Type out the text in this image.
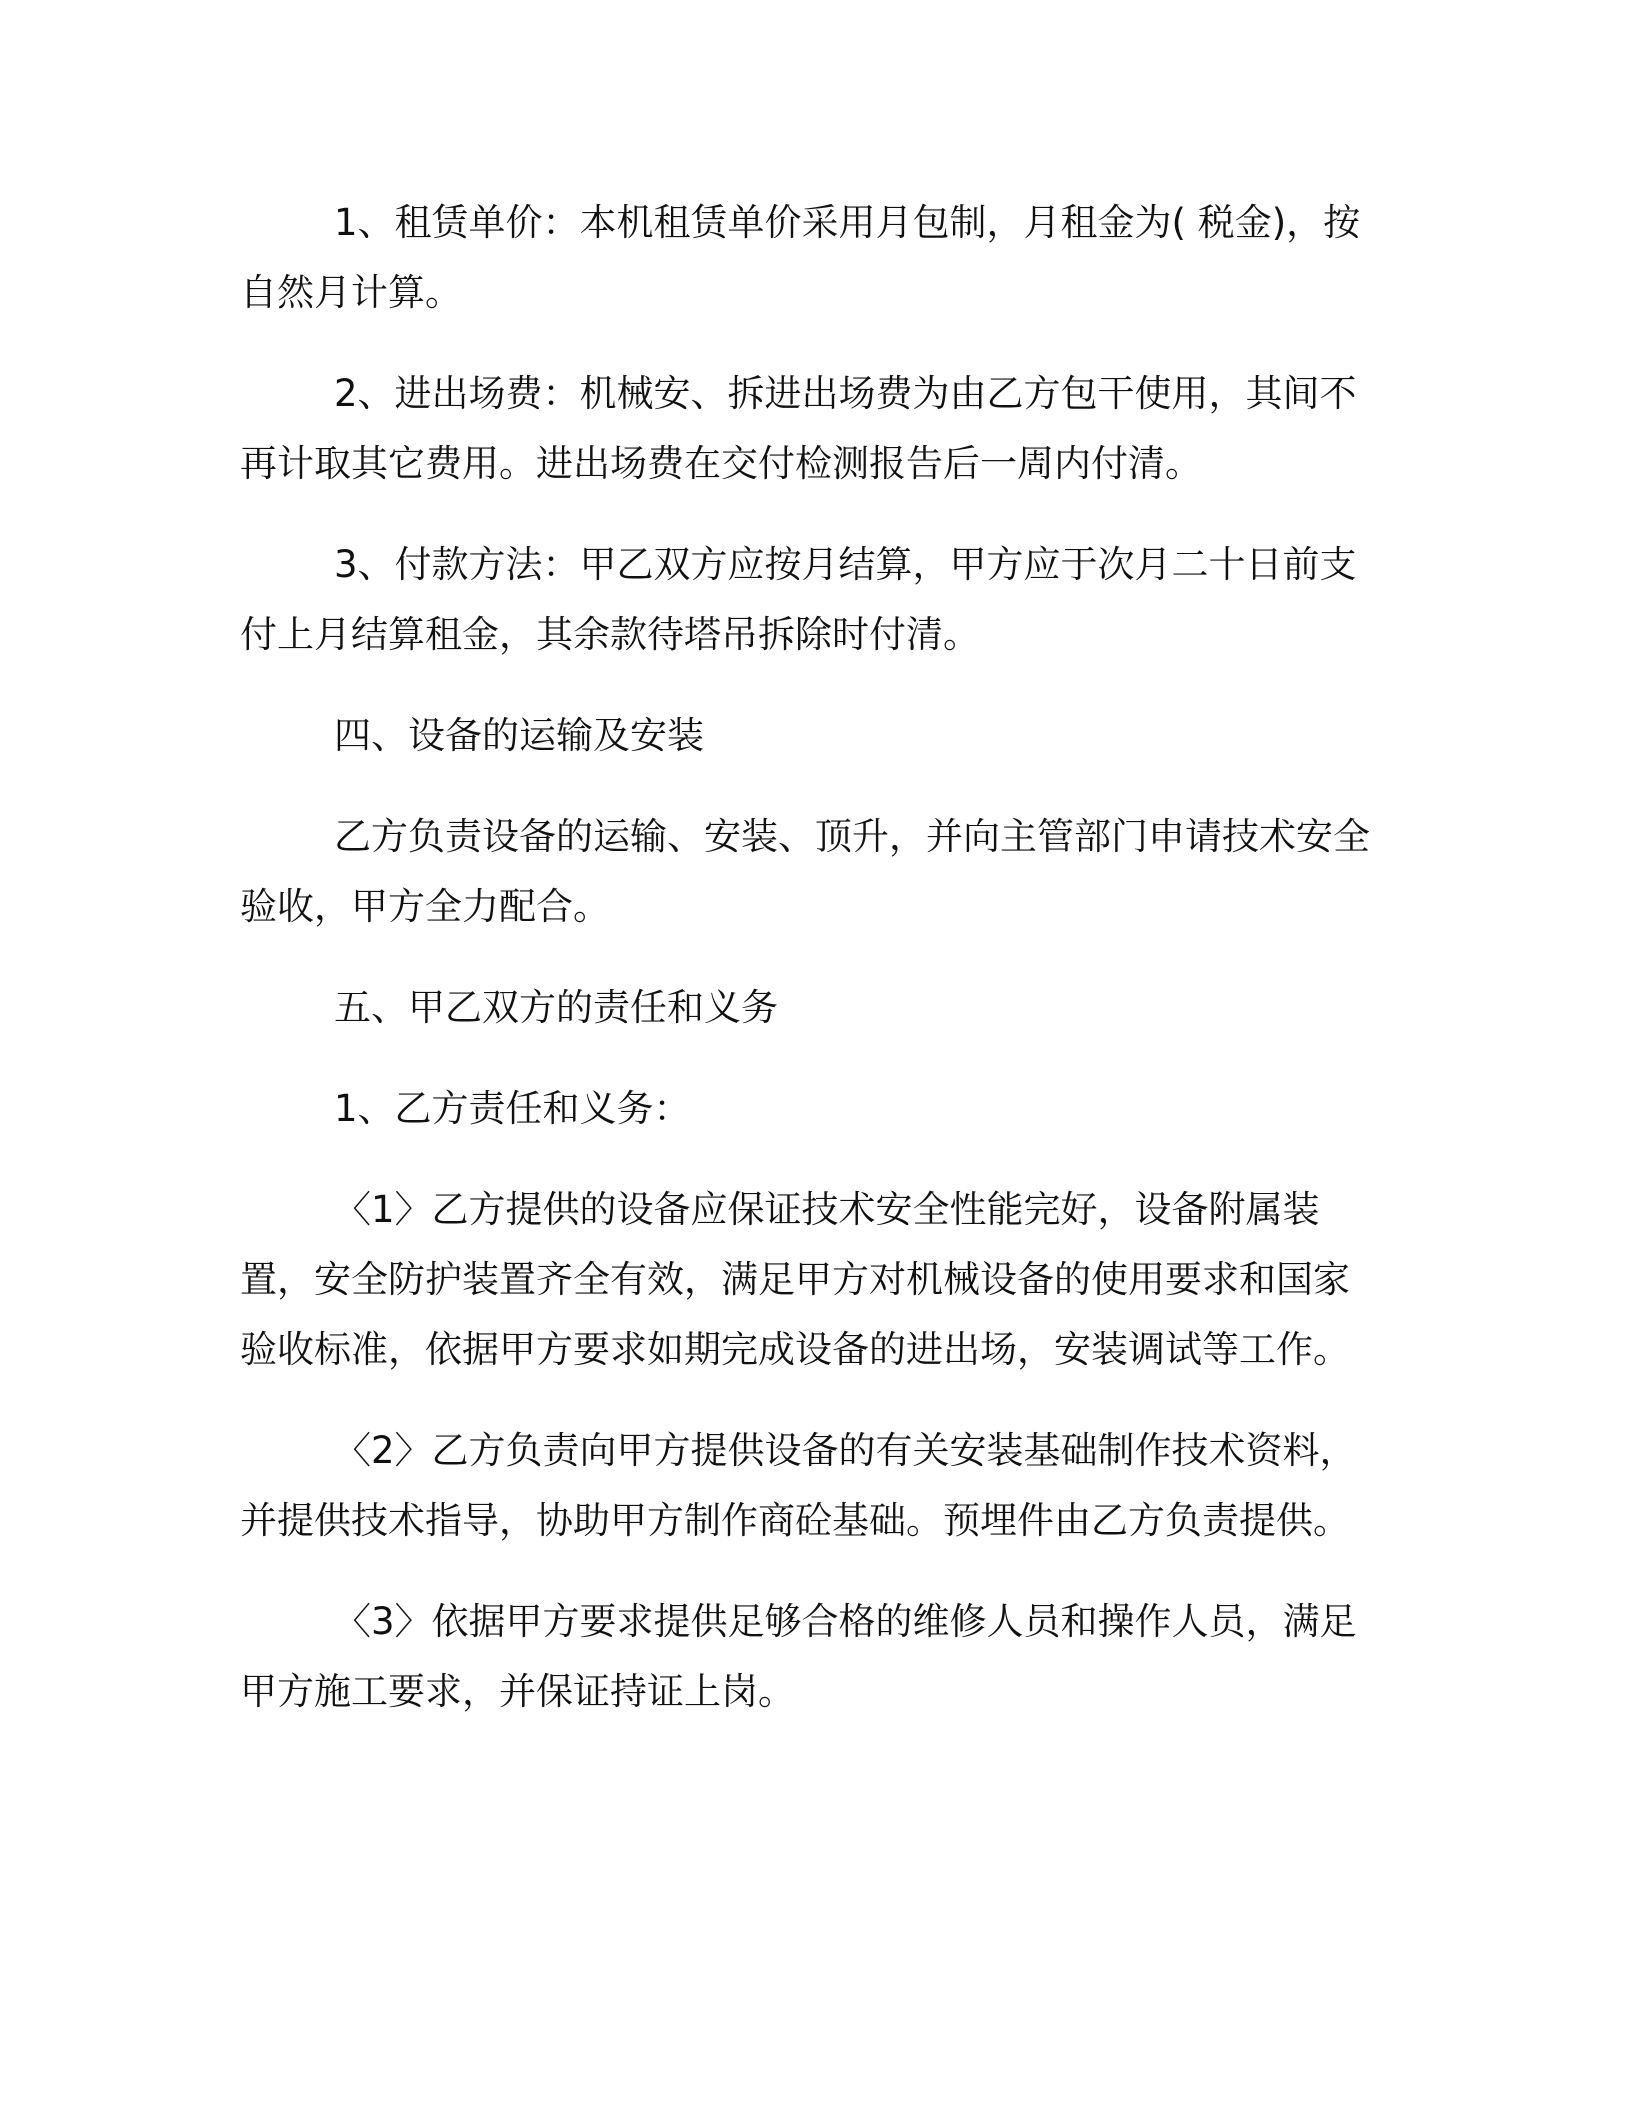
1、租赁单价：本机租赁单价采用月包制，月租金为( 税金)，按自然月计算。

2、进出场费：机械安、拆进出场费为由乙方包干使用，其间不再计取其它费用。进出场费在交付检测报告后一周内付清。

3、付款方法：甲乙双方应按月结算，甲方应于次月二十日前支付上月结算租金，其余款待塔吊拆除时付清。

四、设备的运输及安装

乙方负责设备的运输、安装、顶升，并向主管部门申请技术安全验收，甲方全力配合。

五、甲乙双方的责任和义务

1、乙方责任和义务：

〈1〉乙方提供的设备应保证技术安全性能完好，设备附属装置，安全防护装置齐全有效，满足甲方对机械设备的使用要求和国家验收标准，依据甲方要求如期完成设备的进出场，安装调试等工作。

〈2〉乙方负责向甲方提供设备的有关安装基础制作技术资料，并提供技术指导，协助甲方制作商砼基础。预埋件由乙方负责提供。

〈3〉依据甲方要求提供足够合格的维修人员和操作人员，满足甲方施工要求，并保证持证上岗。
